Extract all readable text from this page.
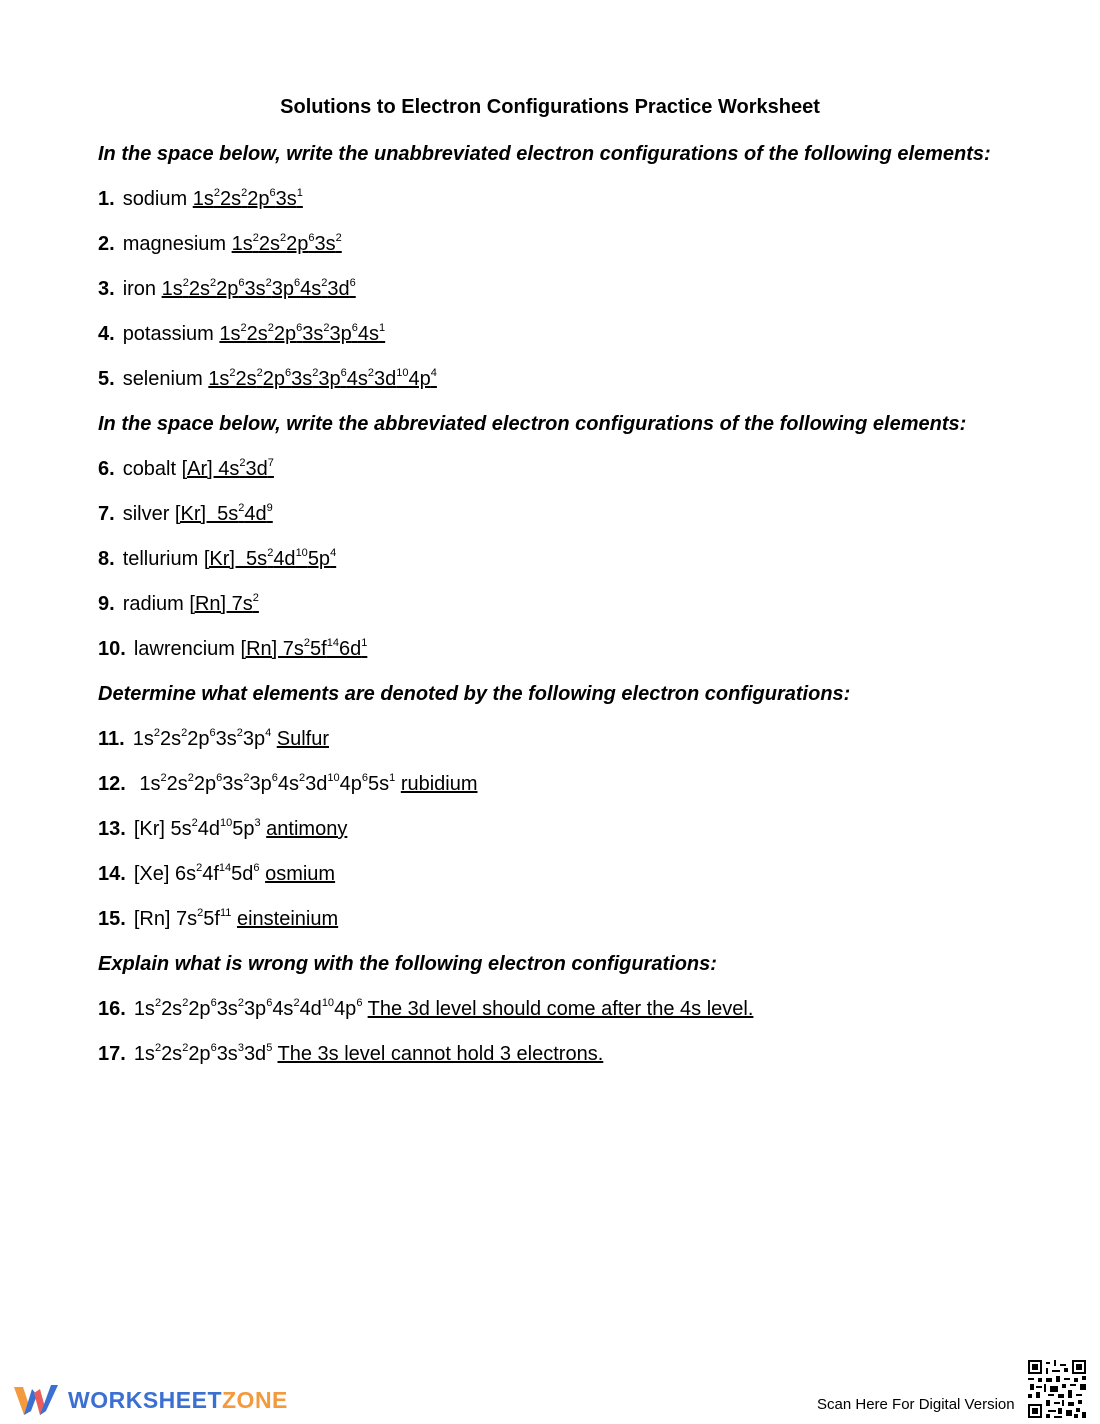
Solutions to Electron Configurations Practice Worksheet
In the space below, write the unabbreviated electron configurations of the following elements:
1. sodium $1s^22s^22p^63s^1$
2. magnesium $1s^22s^22p^63s^2$
3. iron $1s^22s^22p^63s^23p^64s^23d^6$
4. potassium $1s^22s^22p^63s^23p^64s^1$
5. selenium $1s^22s^22p^63s^23p^64s^23d^{10}4p^4$
In the space below, write the abbreviated electron configurations of the following elements:
6. cobalt [Ar] $4s^23d^7$
7. silver [Kr]  $5s^24d^9$
8. tellurium [Kr]  $5s^24d^{10}5p^4$
9. radium [Rn] $7s^2$
10. lawrencium [Rn] $7s^25f^{14}6d^1$
Determine what elements are denoted by the following electron configurations:
11. $1s^22s^22p^63s^23p^4$ Sulfur
12. $1s^22s^22p^63s^23p^64s^23d^{10}4p^65s^1$ rubidium
13. [Kr] $5s^24d^{10}5p^3$ antimony
14. [Xe] $6s^24f^{14}5d^6$ osmium
15. [Rn] $7s^25f^{11}$ einsteinium
Explain what is wrong with the following electron configurations:
16. $1s^22s^22p^63s^23p^64s^24d^{10}4p^6$ The 3d level should come after the 4s level.
17. $1s^22s^22p^63s^33d^5$ The 3s level cannot hold 3 electrons.
WORKSHEETZONE	Scan Here For Digital Version
